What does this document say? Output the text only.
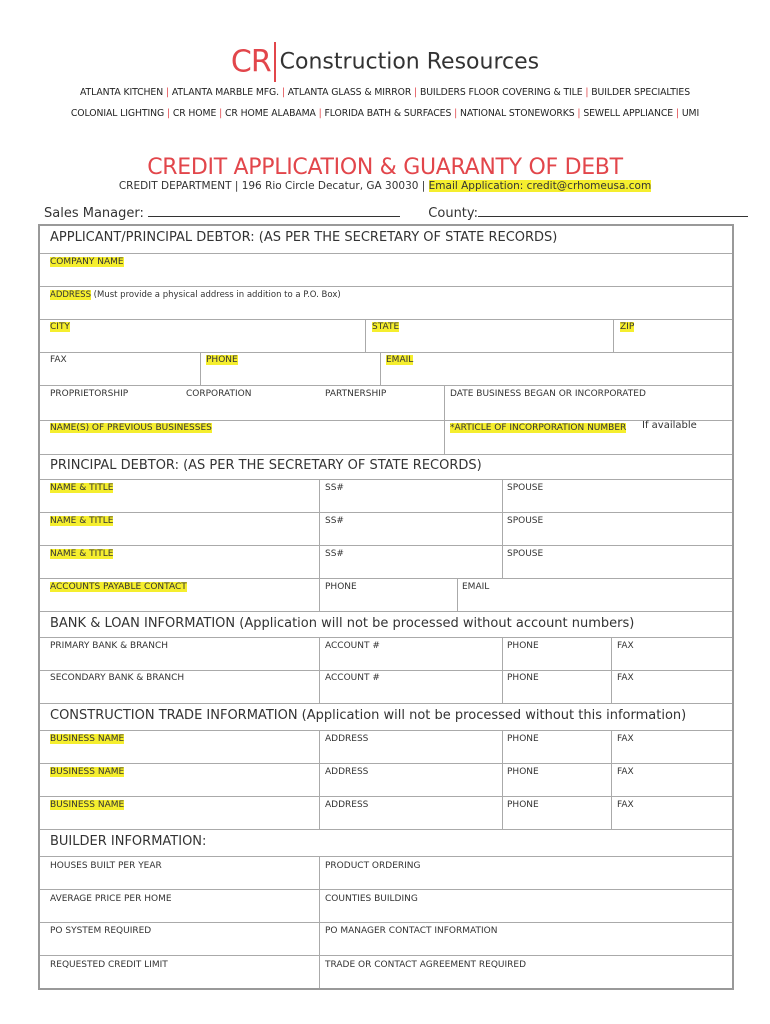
CR Construction Resources
ATLANTA KITCHEN | ATLANTA MARBLE MFG. | ATLANTA GLASS & MIRROR | BUILDERS FLOOR COVERING & TILE | BUILDER SPECIALTIES
COLONIAL LIGHTING | CR HOME | CR HOME ALABAMA | FLORIDA BATH & SURFACES | NATIONAL STONEWORKS | SEWELL APPLIANCE | UMI
CREDIT APPLICATION & GUARANTY OF DEBT
CREDIT DEPARTMENT | 196 Rio Circle Decatur, GA 30030 | Email Application: credit@crhomeusa.com
Sales Manager:	County:
APPLICANT/PRINCIPAL DEBTOR: (AS PER THE SECRETARY OF STATE RECORDS)
COMPANY NAME
ADDRESS (Must provide a physical address in addition to a P.O. Box)
CITY	STATE	ZIP
FAX	PHONE	EMAIL
PROPRIETORSHIP	CORPORATION	PARTNERSHIP	DATE BUSINESS BEGAN OR INCORPORATED
NAME(S) OF PREVIOUS BUSINESSES	*ARTICLE OF INCORPORATION NUMBER If available
PRINCIPAL DEBTOR: (AS PER THE SECRETARY OF STATE RECORDS)
NAME & TITLE	SS#	SPOUSE
NAME & TITLE	SS#	SPOUSE
NAME & TITLE	SS#	SPOUSE
ACCOUNTS PAYABLE CONTACT	PHONE	EMAIL
BANK & LOAN INFORMATION (Application will not be processed without account numbers)
PRIMARY BANK & BRANCH	ACCOUNT #	PHONE	FAX
SECONDARY BANK & BRANCH	ACCOUNT #	PHONE	FAX
CONSTRUCTION TRADE INFORMATION (Application will not be processed without this information)
BUSINESS NAME	ADDRESS	PHONE	FAX
BUSINESS NAME	ADDRESS	PHONE	FAX
BUSINESS NAME	ADDRESS	PHONE	FAX
BUILDER INFORMATION:
HOUSES BUILT PER YEAR	PRODUCT ORDERING
AVERAGE PRICE PER HOME	COUNTIES BUILDING
PO SYSTEM REQUIRED	PO MANAGER CONTACT INFORMATION
REQUESTED CREDIT LIMIT	TRADE OR CONTACT AGREEMENT REQUIRED
